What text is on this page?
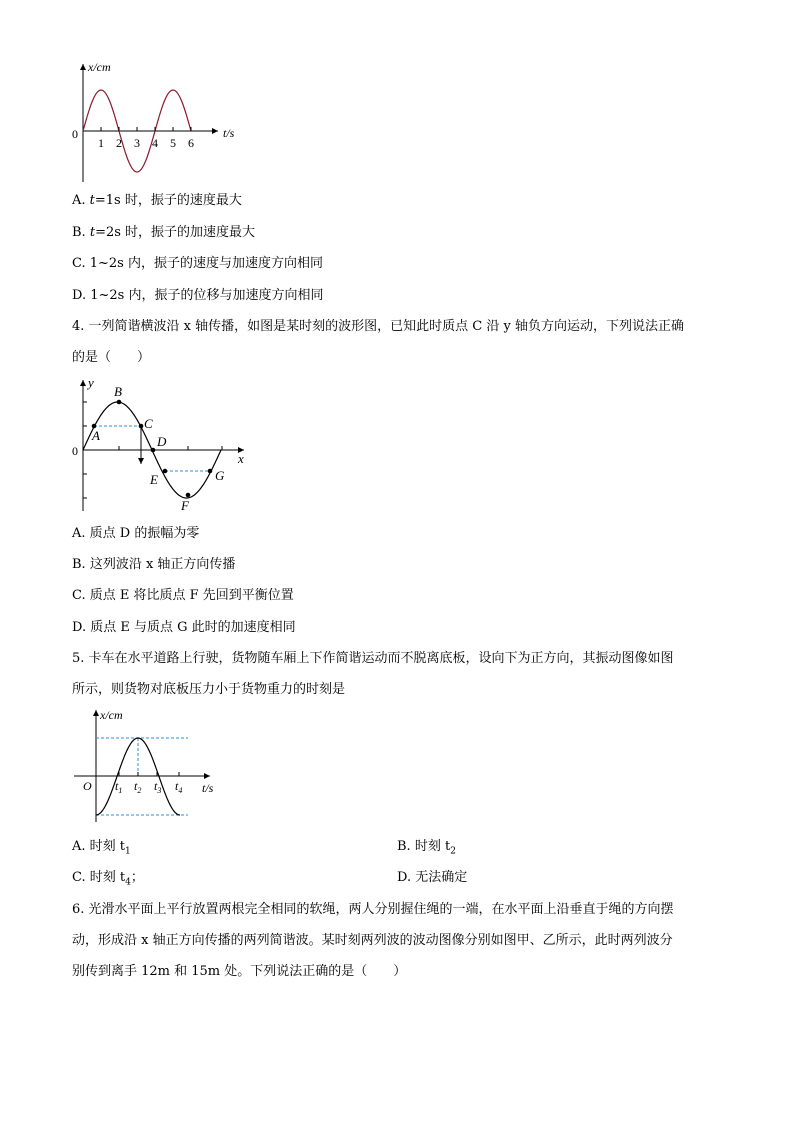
1 2 3 4 5 6
x/cm
t/s
0
A. t=1s 时，振子的速度最大
B. t=2s 时，振子的加速度最大
C. 1~2s 内，振子的速度与加速度方向相同
D. 1~2s 内，振子的位移与加速度方向相同
4. 一列简谐横波沿 x 轴传播，如图是某时刻的波形图，已知此时质点 C 沿 y 轴负方向运动，下列说法正确
的是（　　）
A
B
C
D
E
F
G
y
x
0
A. 质点 D 的振幅为零
B. 这列波沿 x 轴正方向传播
C. 质点 E 将比质点 F 先回到平衡位置
D. 质点 E 与质点 G 此时的加速度相同
5. 卡车在水平道路上行驶，货物随车厢上下作简谐运动而不脱离底板，设向下为正方向，其振动图像如图
所示，则货物对底板压力小于货物重力的时刻是
$t_1$ $t_2$ $t_3$ $t_4$
x/cm
t/s
O
A. 时刻 $t_1$	B. 时刻 $t_2$
C. 时刻 $t_4$；	D. 无法确定
6. 光滑水平面上平行放置两根完全相同的软绳，两人分别握住绳的一端，在水平面上沿垂直于绳的方向摆
动，形成沿 x 轴正方向传播的两列简谐波。某时刻两列波的波动图像分别如图甲、乙所示，此时两列波分
别传到离手 12m 和 15m 处。下列说法正确的是（　　）
